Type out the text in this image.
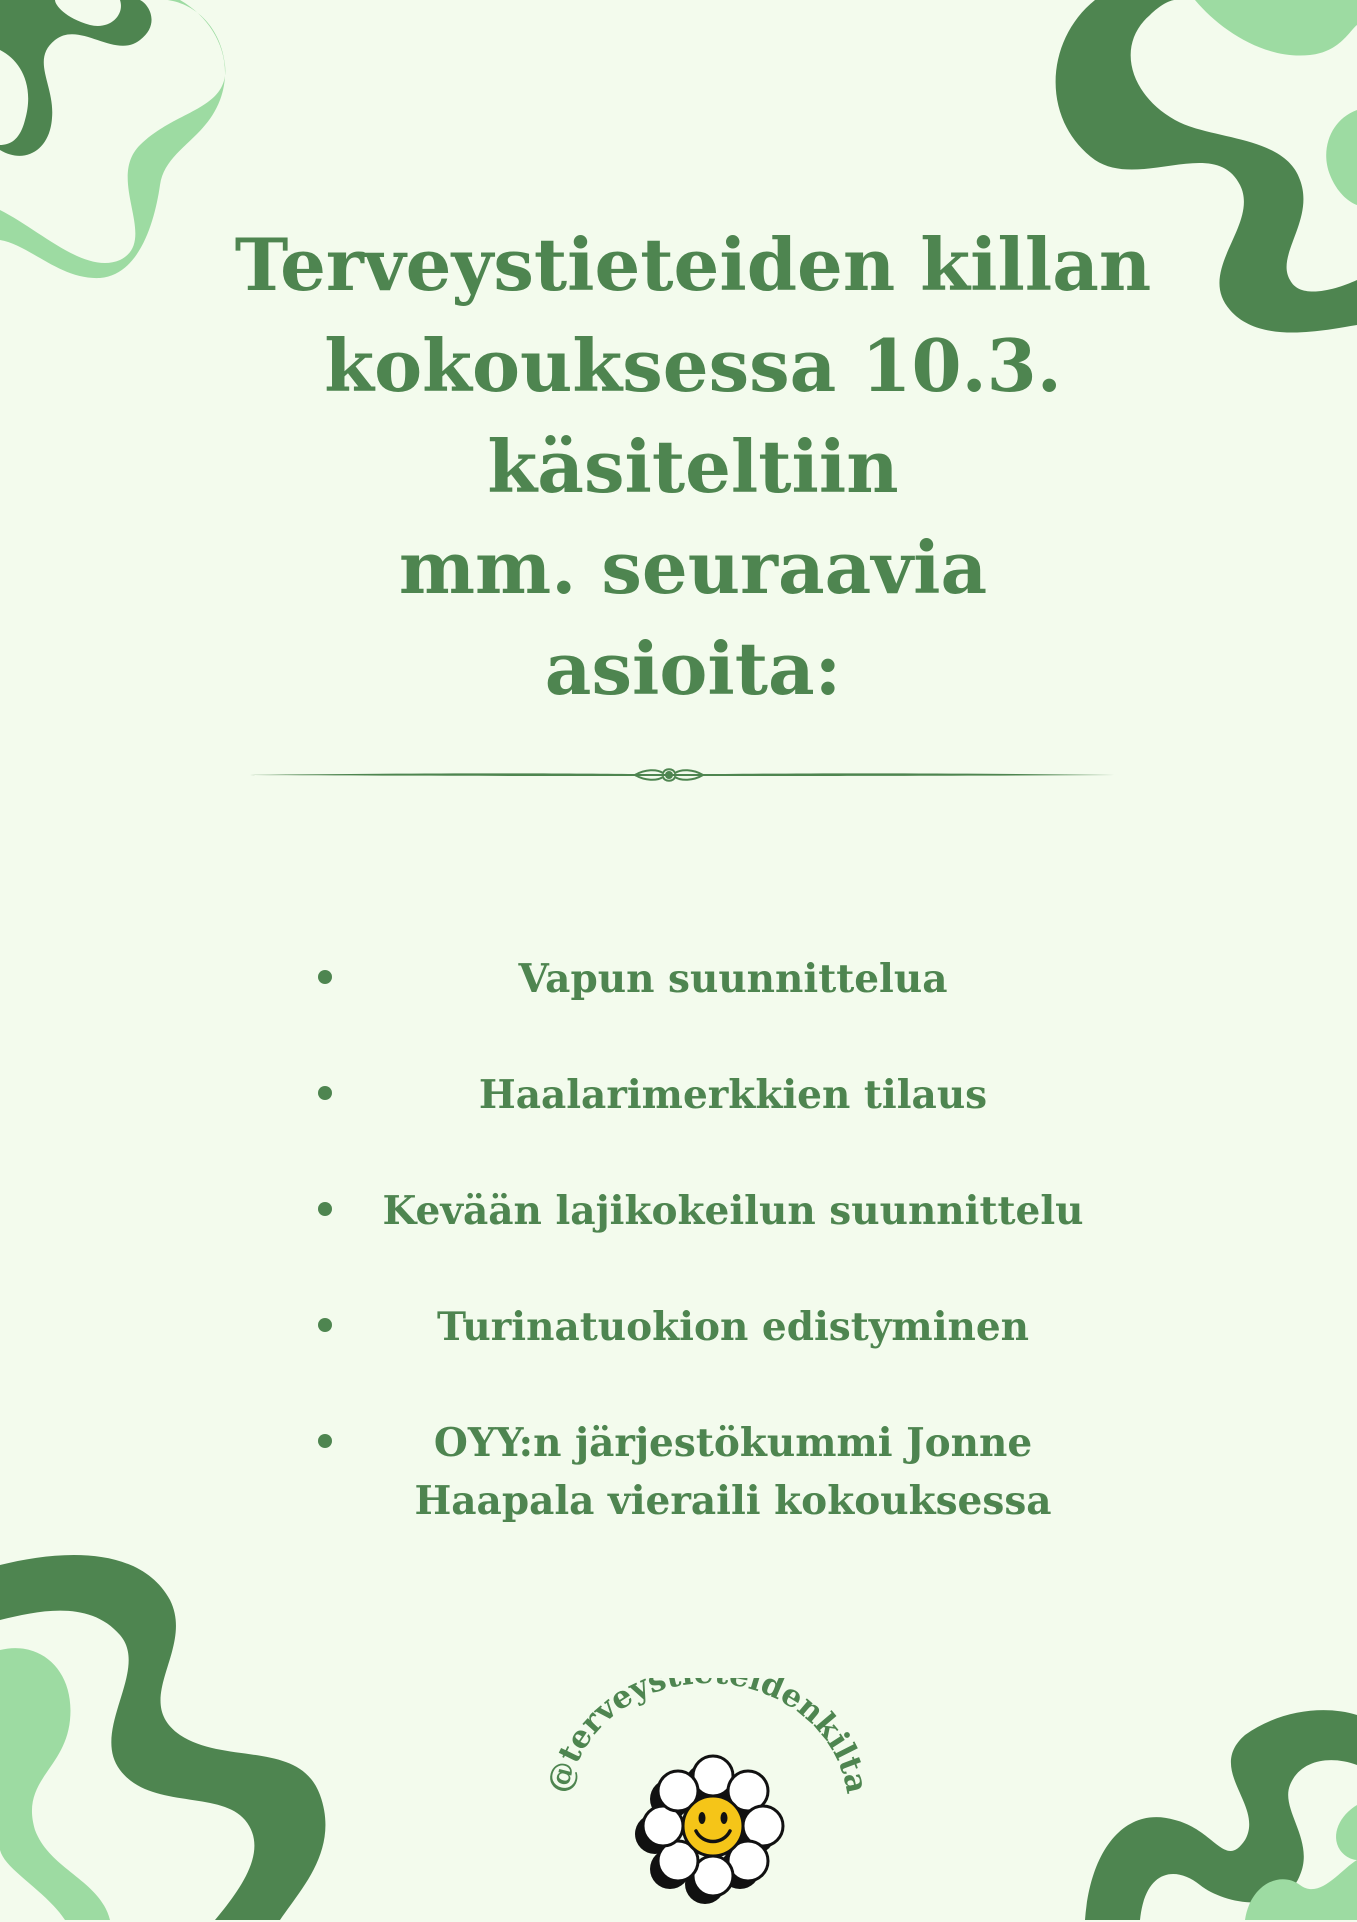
Terveystieteiden killan
kokouksessa 10.3. käsiteltiin
mm. seuraavia
asioita:
Vapun suunnittelua
Haalarimerkkien tilaus
Kevään lajikokeilun suunnittelu
Turinatuokion edistyminen
OYY:n järjestökummi Jonne Haapala vieraili kokouksessa
terveys idenkilt
